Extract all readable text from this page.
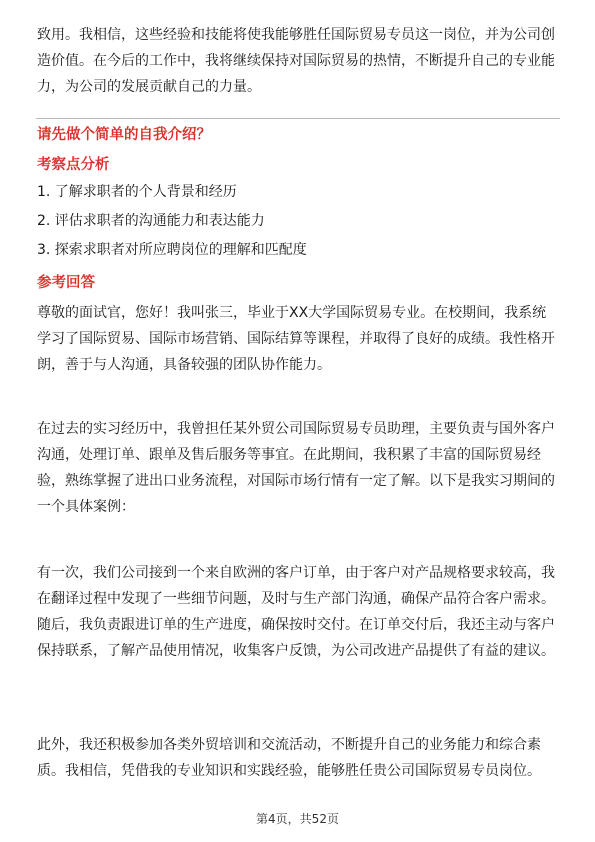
致用。我相信，这些经验和技能将使我能够胜任国际贸易专员这一岗位，并为公司创造价值。在今后的工作中，我将继续保持对国际贸易的热情，不断提升自己的专业能力，为公司的发展贡献自己的力量。
请先做个简单的自我介绍？
考察点分析
1. 了解求职者的个人背景和经历
2. 评估求职者的沟通能力和表达能力
3. 探索求职者对所应聘岗位的理解和匹配度
参考回答
尊敬的面试官，您好！我叫张三，毕业于XX大学国际贸易专业。在校期间，我系统学习了国际贸易、国际市场营销、国际结算等课程，并取得了良好的成绩。我性格开朗，善于与人沟通，具备较强的团队协作能力。
在过去的实习经历中，我曾担任某外贸公司国际贸易专员助理，主要负责与国外客户沟通，处理订单、跟单及售后服务等事宜。在此期间，我积累了丰富的国际贸易经验，熟练掌握了进出口业务流程，对国际市场行情有一定了解。以下是我实习期间的一个具体案例：
有一次，我们公司接到一个来自欧洲的客户订单，由于客户对产品规格要求较高，我在翻译过程中发现了一些细节问题，及时与生产部门沟通，确保产品符合客户需求。随后，我负责跟进订单的生产进度，确保按时交付。在订单交付后，我还主动与客户保持联系，了解产品使用情况，收集客户反馈，为公司改进产品提供了有益的建议。
此外，我还积极参加各类外贸培训和交流活动，不断提升自己的业务能力和综合素质。我相信，凭借我的专业知识和实践经验，能够胜任贵公司国际贸易专员岗位。
第4页，共52页
